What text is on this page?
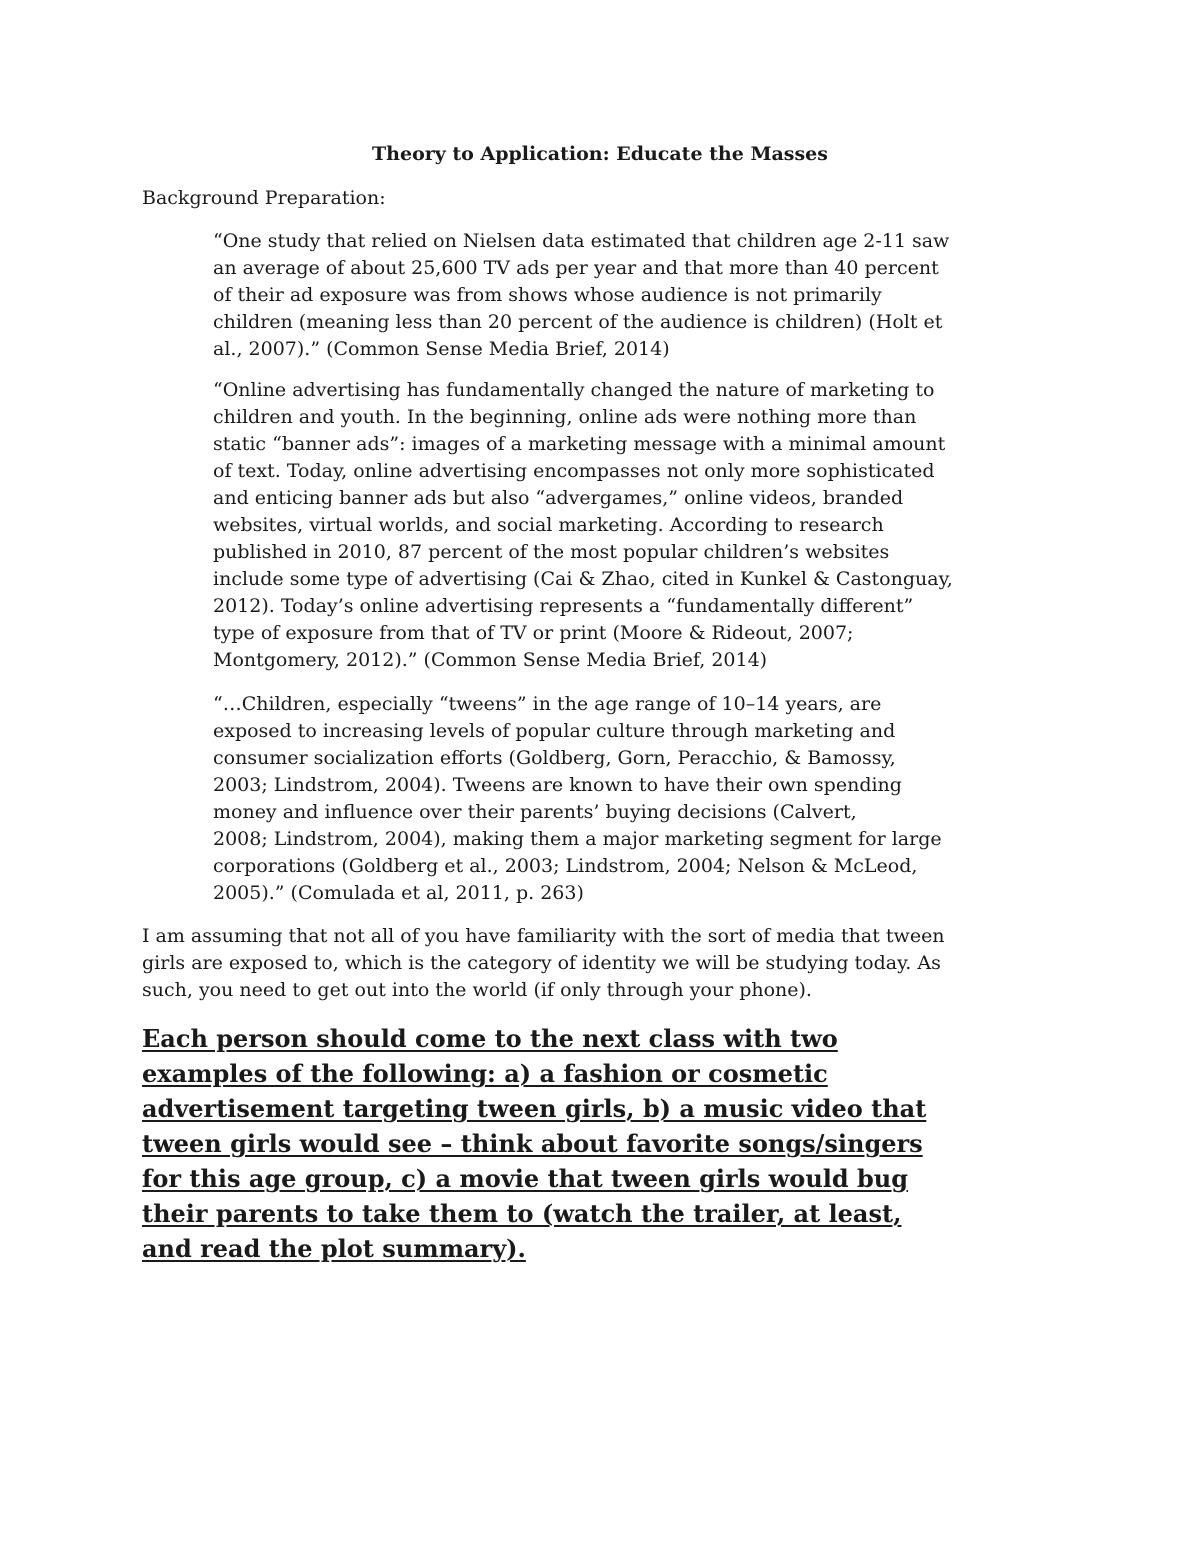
Theory to Application: Educate the Masses
Background Preparation:

“One study that relied on Nielsen data estimated that children age 2-11 saw
an average of about 25,600 TV ads per year and that more than 40 percent
of their ad exposure was from shows whose audience is not primarily
children (meaning less than 20 percent of the audience is children) (Holt et
al., 2007).” (Common Sense Media Brief, 2014)

“Online advertising has fundamentally changed the nature of marketing to
children and youth. In the beginning, online ads were nothing more than
static “banner ads”: images of a marketing message with a minimal amount
of text. Today, online advertising encompasses not only more sophisticated
and enticing banner ads but also “advergames,” online videos, branded
websites, virtual worlds, and social marketing. According to research
published in 2010, 87 percent of the most popular children’s websites
include some type of advertising (Cai & Zhao, cited in Kunkel & Castonguay,
2012). Today’s online advertising represents a “fundamentally different”
type of exposure from that of TV or print (Moore & Rideout, 2007;
Montgomery, 2012).” (Common Sense Media Brief, 2014)

“…Children, especially “tweens” in the age range of 10–14 years, are
exposed to increasing levels of popular culture through marketing and
consumer socialization efforts (Goldberg, Gorn, Peracchio, & Bamossy,
2003; Lindstrom, 2004). Tweens are known to have their own spending
money and influence over their parents’ buying decisions (Calvert,
2008; Lindstrom, 2004), making them a major marketing segment for large
corporations (Goldberg et al., 2003; Lindstrom, 2004; Nelson & McLeod,
2005).” (Comulada et al, 2011, p. 263)

I am assuming that not all of you have familiarity with the sort of media that tween
girls are exposed to, which is the category of identity we will be studying today. As
such, you need to get out into the world (if only through your phone).

Each person should come to the next class with two
examples of the following: a) a fashion or cosmetic
advertisement targeting tween girls, b) a music video that
tween girls would see – think about favorite songs/singers
for this age group, c) a movie that tween girls would bug
their parents to take them to (watch the trailer, at least,
and read the plot summary).
